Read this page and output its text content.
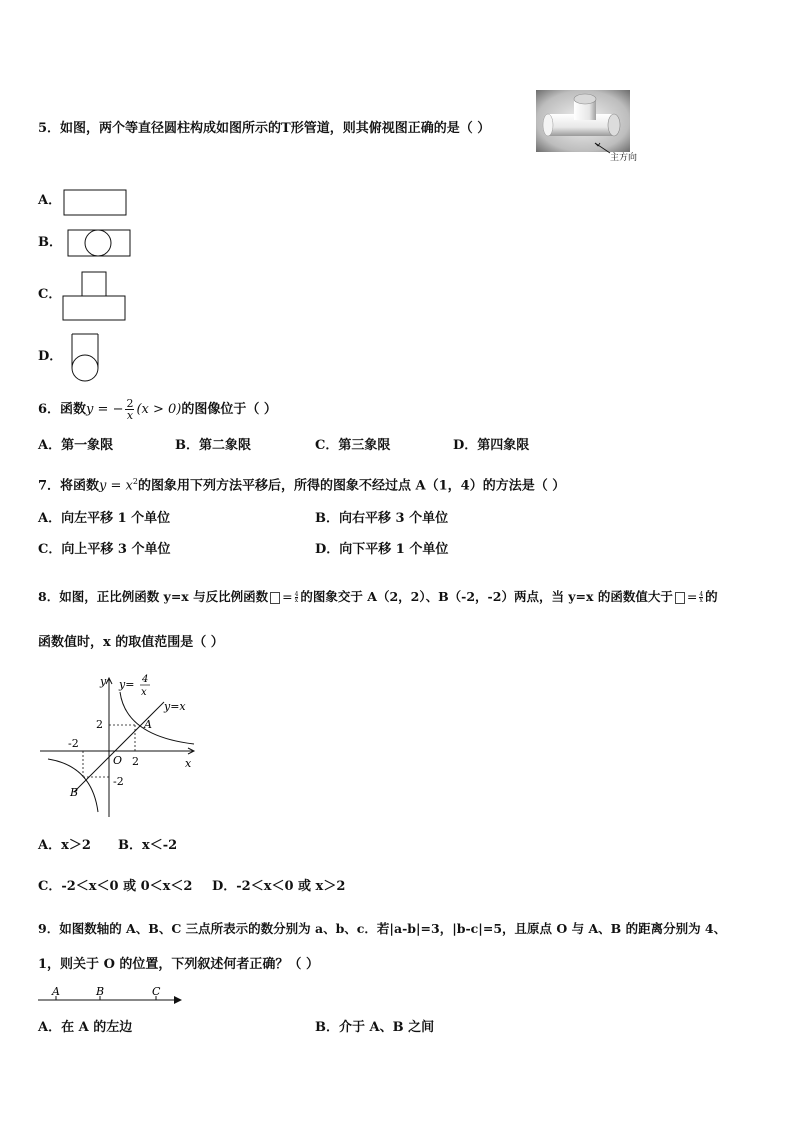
5．如图，两个等直径圆柱构成如图所示的T形管道，则其俯视图正确的是（ ）
主方向
A．
B．
C．
D．
6．函数y = − $\frac{2}{x} (x > 0)$的图像位于（ ）
A．第一象限	B．第二象限	C．第三象限	D．第四象限
7．将函数$y = x^2$的图象用下列方法平移后，所得的图象不经过点 A（1，4）的方法是（ ）
A．向左平移 1 个单位	B．向右平移 3 个单位
C．向上平移 3 个单位	D．向下平移 1 个单位
8．如图，正比例函数 y=x 与反比例函数 = $\frac{4}{x}$ 的图象交于 A（2，2）、B（-2，-2）两点，当 y=x 的函数值大于 = $\frac{4}{x}$ 的
函数值时，x 的取值范围是（ ）
y
x
O
y= 4
x
y=x
A
B
2
-2
2
-2
A．x＞2 B．x＜-2
C．-2＜x＜0 或 0＜x＜2 D．-2＜x＜0 或 x＞2
9．如图数轴的 A、B、C 三点所表示的数分别为 a、b、c．若|a-b|=3，|b-c|=5，且原点 O 与 A、B 的距离分别为 4、
1，则关于 O 的位置，下列叙述何者正确？（ ）
A	B	C
A．在 A 的左边	B．介于 A、B 之间
